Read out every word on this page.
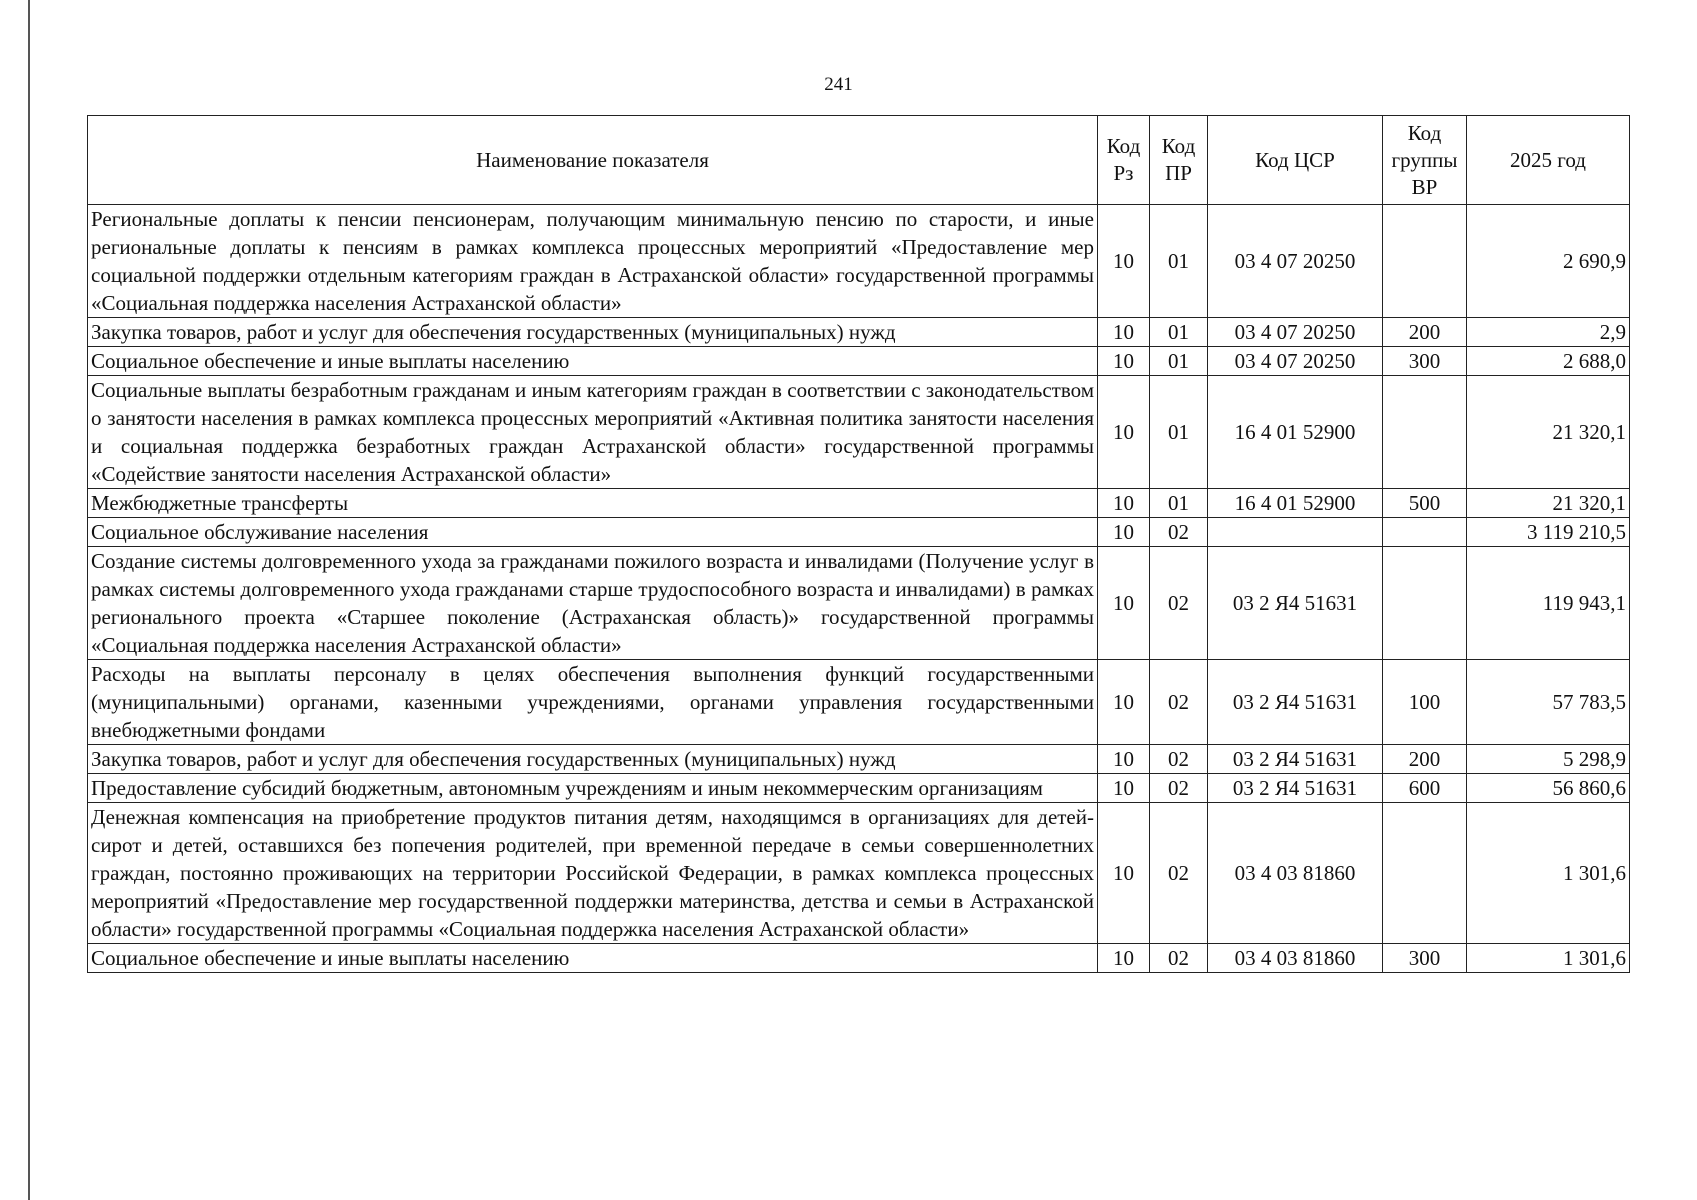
241
Наименование показателя	Код Рз	Код ПР	Код ЦСР	Код группы ВР	2025 год
Региональные доплаты к пенсии пенсионерам, получающим минимальную пенсию по старости, и иные региональные доплаты к пенсиям в рамках комплекса процессных мероприятий «Предоставление мер социальной поддержки отдельным категориям граждан в Астраханской области» государственной программы «Социальная поддержка населения Астраханской области»	10	01	03 4 07 20250		2 690,9
Закупка товаров, работ и услуг для обеспечения государственных (муниципальных) нужд	10	01	03 4 07 20250	200	2,9
Социальное обеспечение и иные выплаты населению	10	01	03 4 07 20250	300	2 688,0
Социальные выплаты безработным гражданам и иным категориям граждан в соответствии с законодательством о занятости населения в рамках комплекса процессных мероприятий «Активная политика занятости населения и социальная поддержка безработных граждан Астраханской области» государственной программы «Содействие занятости населения Астраханской области»	10	01	16 4 01 52900		21 320,1
Межбюджетные трансферты	10	01	16 4 01 52900	500	21 320,1
Социальное обслуживание населения	10	02			3 119 210,5
Создание системы долговременного ухода за гражданами пожилого возраста и инвалидами (Получение услуг в рамках системы долговременного ухода гражданами старше трудоспособного возраста и инвалидами) в рамках регионального проекта «Старшее поколение (Астраханская область)» государственной программы «Социальная поддержка населения Астраханской области»	10	02	03 2 Я4 51631		119 943,1
Расходы на выплаты персоналу в целях обеспечения выполнения функций государственными (муниципальными) органами, казенными учреждениями, органами управления государственными внебюджетными фондами	10	02	03 2 Я4 51631	100	57 783,5
Закупка товаров, работ и услуг для обеспечения государственных (муниципальных) нужд	10	02	03 2 Я4 51631	200	5 298,9
Предоставление субсидий бюджетным, автономным учреждениям и иным некоммерческим организациям	10	02	03 2 Я4 51631	600	56 860,6
Денежная компенсация на приобретение продуктов питания детям, находящимся в организациях для детей-сирот и детей, оставшихся без попечения родителей, при временной передаче в семьи совершеннолетних граждан, постоянно проживающих на территории Российской Федерации, в рамках комплекса процессных мероприятий «Предоставление мер государственной поддержки материнства, детства и семьи в Астраханской области» государственной программы «Социальная поддержка населения Астраханской области»	10	02	03 4 03 81860		1 301,6
Социальное обеспечение и иные выплаты населению	10	02	03 4 03 81860	300	1 301,6
